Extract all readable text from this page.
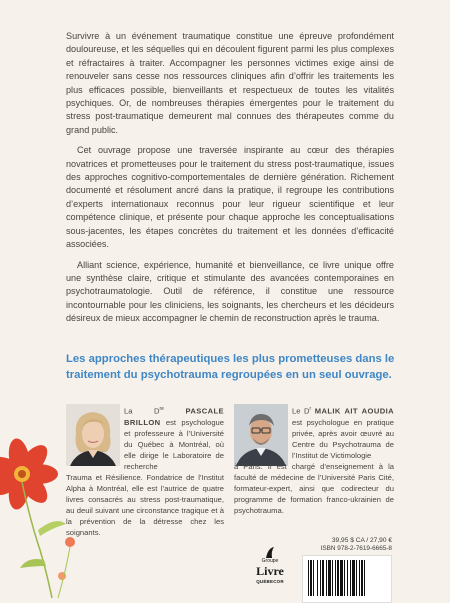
Survivre à un événement traumatique constitue une épreuve profondément douloureuse, et les séquelles qui en découlent figurent parmi les plus complexes et réfractaires à traiter. Accompagner les personnes victimes exige ainsi de renouveler sans cesse nos ressources cliniques afin d’offrir les traitements les plus efficaces possible, bienveillants et respectueux de toutes les vitalités psychiques. Or, de nombreuses thérapies émergentes pour le traitement du stress post-traumatique demeurent mal connues des thérapeutes comme du grand public.

Cet ouvrage propose une traversée inspirante au cœur des thérapies novatrices et prometteuses pour le traitement du stress post-traumatique, issues des approches cognitivo-comportementales de dernière génération. Richement documenté et résolument ancré dans la pratique, il regroupe les contributions d’experts internationaux reconnus pour leur rigueur scientifique et leur compétence clinique, et présente pour chaque approche les conceptualisations sous-jacentes, les étapes concrètes du traitement et les données d’efficacité associées.

Alliant science, expérience, humanité et bienveillance, ce livre unique offre une synthèse claire, critique et stimulante des avancées contemporaines en psychotraumatologie. Outil de référence, il constitue une ressource incontournable pour les cliniciens, les soignants, les chercheurs et les décideurs désireux de mieux accompagner le chemin de reconstruction après le trauma.

Les approches thérapeutiques les plus prometteuses dans le traitement du psychotrauma regroupées en un seul ouvrage.

La Dre	PASCALE BRILLON est psychologue et professeure à l’Université du Québec à Montréal, où elle dirige le Laboratoire de recherche
Trauma et Résilience. Fondatrice de l’Institut Alpha à Montréal, elle est l’autrice de quatre livres consacrés au stress post-traumatique, au deuil suivant une circonstance tragique et à la prévention de la détresse chez les soignants.

Le $D^r$ MALIK AIT AOUDIA est psychologue en pratique privée, après avoir œuvré au Centre du Psychotrauma de l’Institut de Victimologie
à Paris. Il est chargé d’enseignement à la faculté de médecine de l’Université Paris Cité, formateur-expert, ainsi que codirecteur du programme de formation franco-ukrainien de psychotrauma.

Groupe
Livre
QUÉBECOR

39,95 $ CA / 27,90 €

ISBN 978-2-7619-6665-8
